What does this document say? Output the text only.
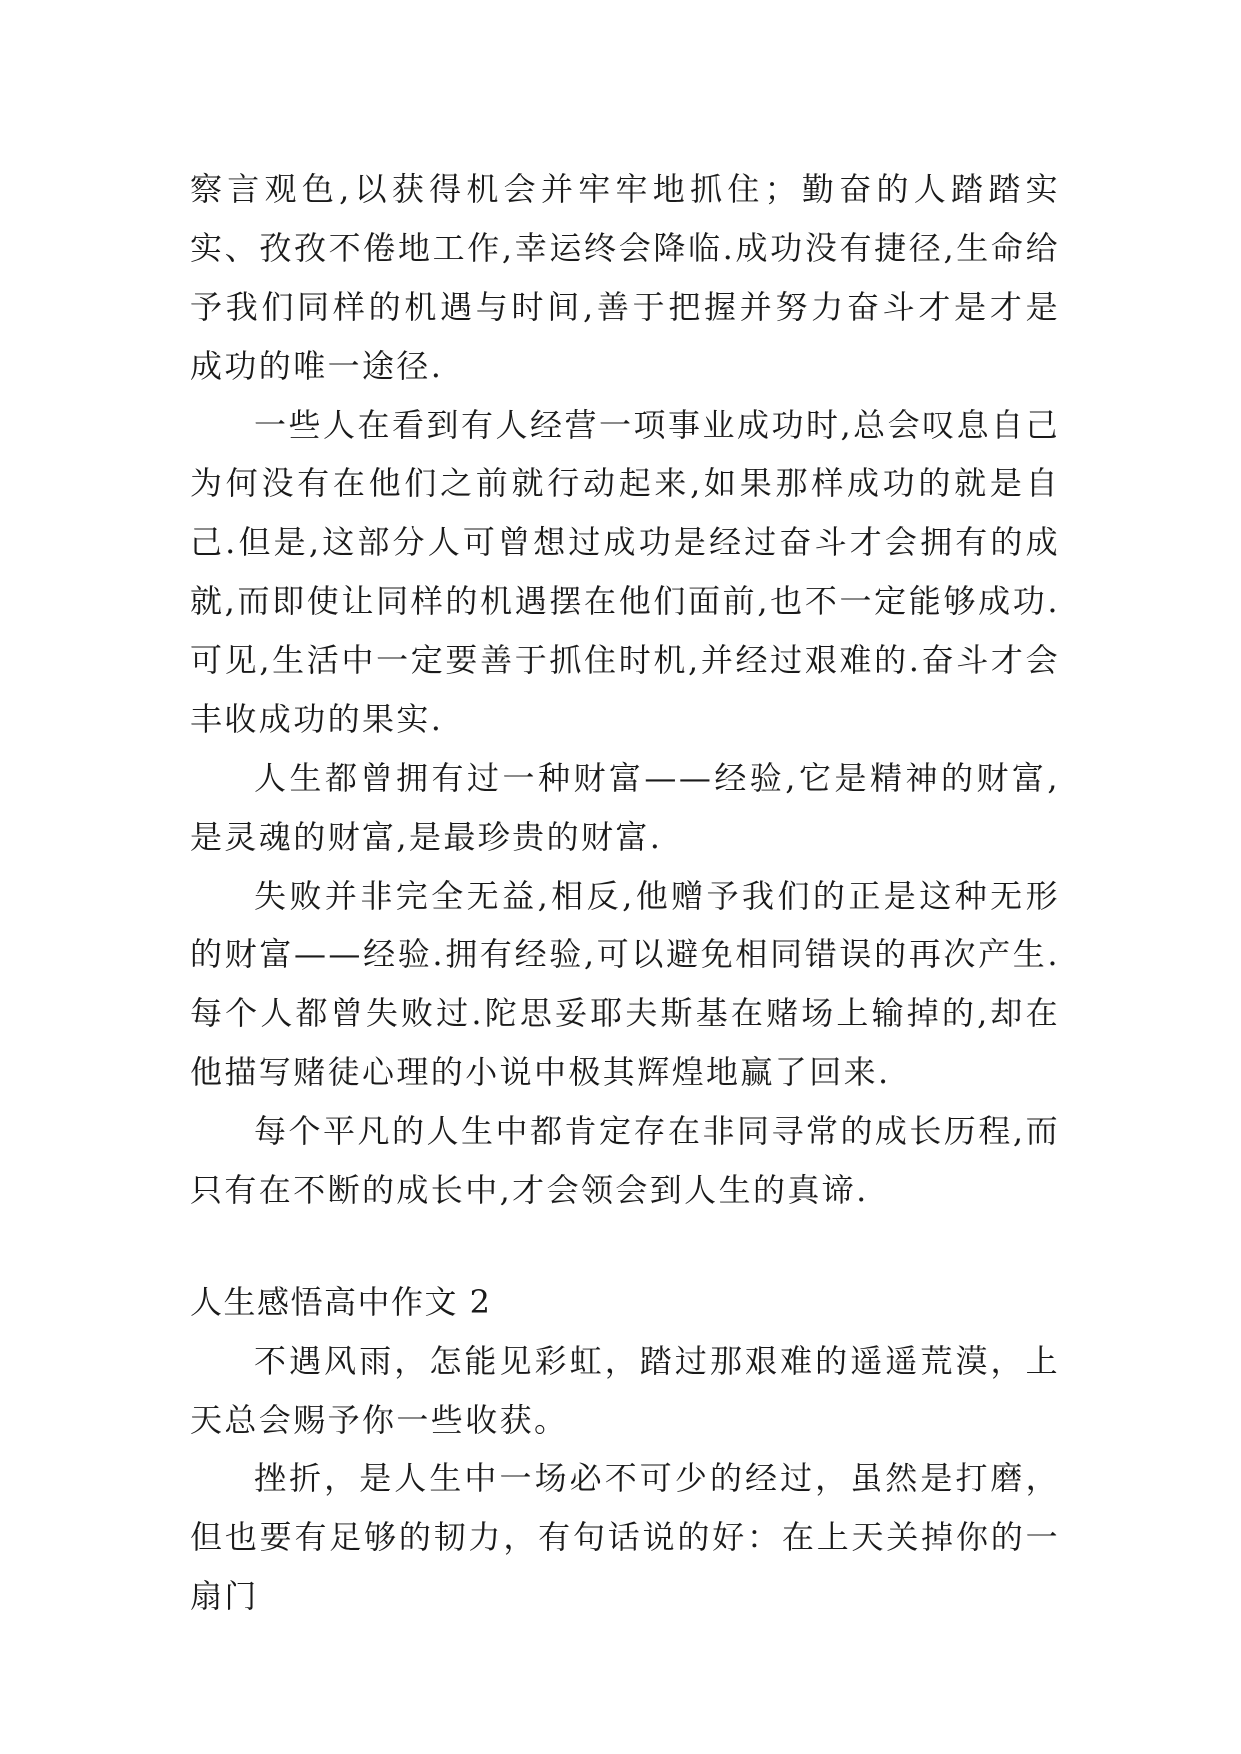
察言观色,以获得机会并牢牢地抓住；勤奋的人踏踏实实、孜孜不倦地工作,幸运终会降临.成功没有捷径,生命给予我们同样的机遇与时间,善于把握并努力奋斗才是才是成功的唯一途径.

一些人在看到有人经营一项事业成功时,总会叹息自己为何没有在他们之前就行动起来,如果那样成功的就是自己.但是,这部分人可曾想过成功是经过奋斗才会拥有的成就,而即使让同样的机遇摆在他们面前,也不一定能够成功.可见,生活中一定要善于抓住时机,并经过艰难的.奋斗才会丰收成功的果实.

人生都曾拥有过一种财富——经验,它是精神的财富,是灵魂的财富,是最珍贵的财富.

失败并非完全无益,相反,他赠予我们的正是这种无形的财富——经验.拥有经验,可以避免相同错误的再次产生.每个人都曾失败过.陀思妥耶夫斯基在赌场上输掉的,却在他描写赌徒心理的小说中极其辉煌地赢了回来.

每个平凡的人生中都肯定存在非同寻常的成长历程,而只有在不断的成长中,才会领会到人生的真谛.

人生感悟高中作文 2

不遇风雨，怎能见彩虹，踏过那艰难的遥遥荒漠，上天总会赐予你一些收获。

挫折，是人生中一场必不可少的经过，虽然是打磨，但也要有足够的韧力，有句话说的好：在上天关掉你的一扇门
